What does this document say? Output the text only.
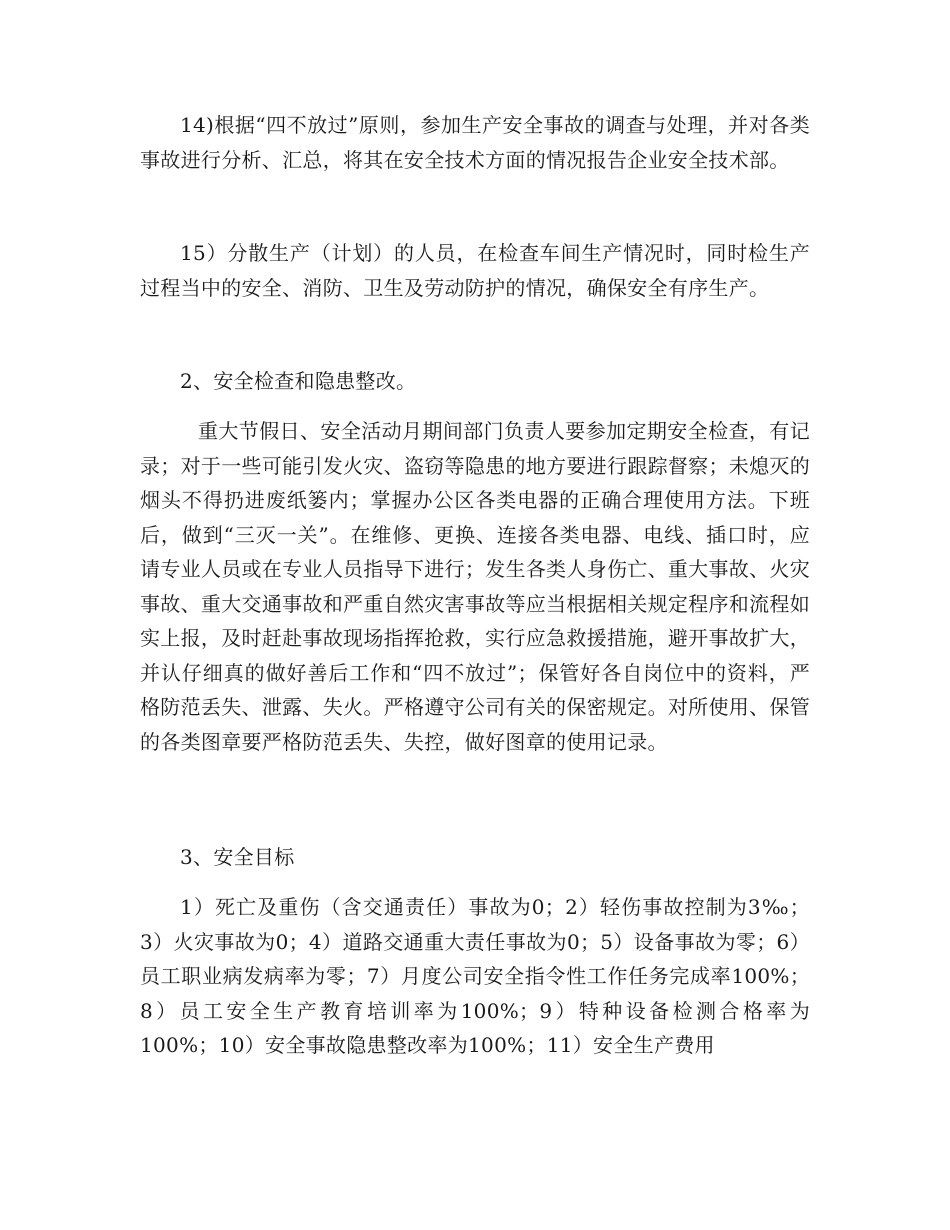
14)根据“四不放过”原则，参加生产安全事故的调查与处理，并对各类事故进行分析、汇总，将其在安全技术方面的情况报告企业安全技术部。

15）分散生产（计划）的人员，在检查车间生产情况时，同时检生产过程当中的安全、消防、卫生及劳动防护的情况，确保安全有序生产。

2、安全检查和隐患整改。

重大节假日、安全活动月期间部门负责人要参加定期安全检查，有记录；对于一些可能引发火灾、盗窃等隐患的地方要进行跟踪督察；未熄灭的烟头不得扔进废纸篓内；掌握办公区各类电器的正确合理使用方法。下班后，做到“三灭一关”。在维修、更换、连接各类电器、电线、插口时，应请专业人员或在专业人员指导下进行；发生各类人身伤亡、重大事故、火灾事故、重大交通事故和严重自然灾害事故等应当根据相关规定程序和流程如实上报，及时赶赴事故现场指挥抢救，实行应急救援措施，避开事故扩大，并认仔细真的做好善后工作和“四不放过”；保管好各自岗位中的资料，严格防范丢失、泄露、失火。严格遵守公司有关的保密规定。对所使用、保管的各类图章要严格防范丢失、失控，做好图章的使用记录。

3、安全目标

1）死亡及重伤（含交通责任）事故为0；2）轻伤事故控制为3‰；3）火灾事故为0；4）道路交通重大责任事故为0；5）设备事故为零；6）员工职业病发病率为零；7）月度公司安全指令性工作任务完成率100%；8）员工安全生产教育培训率为100%；9）特种设备检测合格率为100%；10）安全事故隐患整改率为100%；11）安全生产费用
